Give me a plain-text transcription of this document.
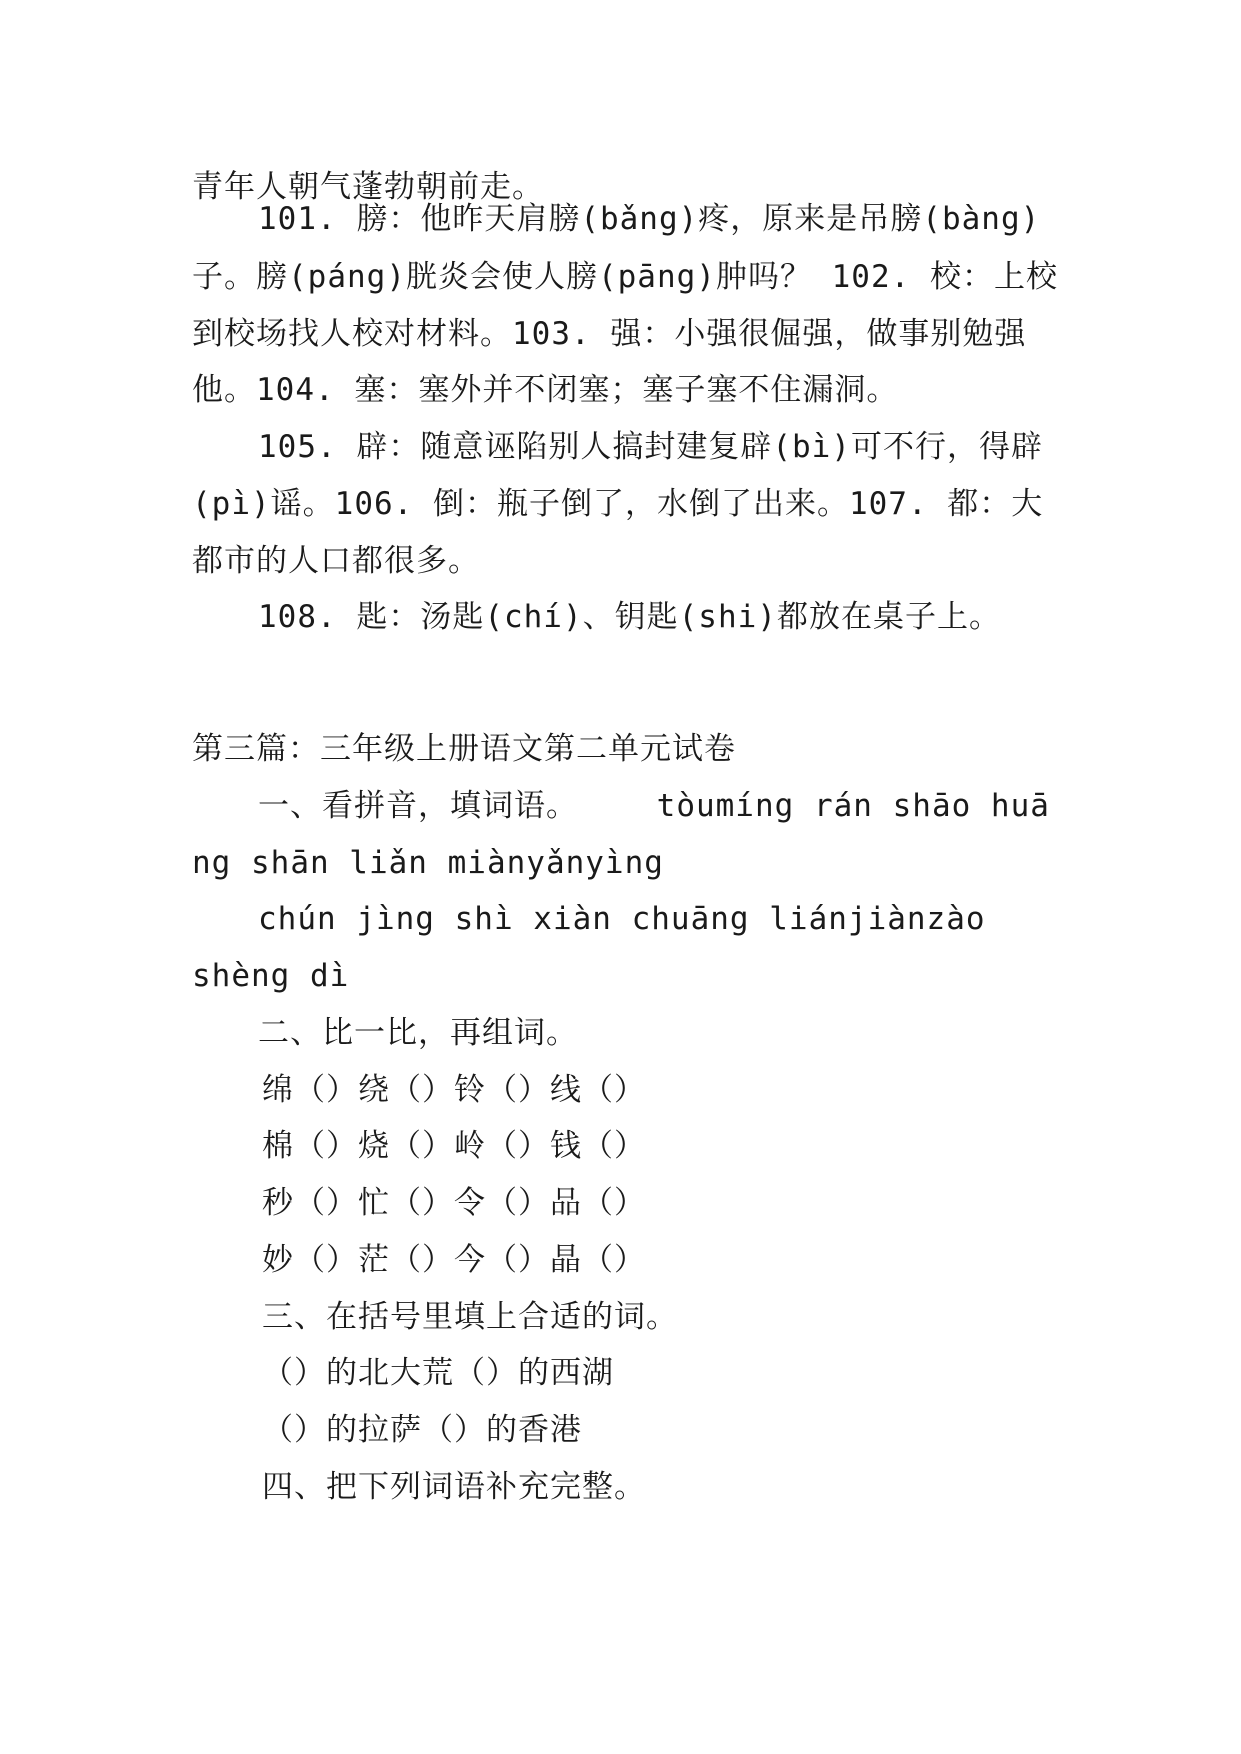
青年人朝气蓬勃朝前走。
101. 膀：他昨天肩膀(bǎng)疼，原来是吊膀(bàng)
子。膀(páng)胱炎会使人膀(pāng)肿吗？ 102. 校：上校
到校场找人校对材料。103. 强：小强很倔强，做事别勉强
他。104. 塞：塞外并不闭塞；塞子塞不住漏洞。
105. 辟：随意诬陷别人搞封建复辟(bì)可不行，得辟
(pì)谣。106. 倒：瓶子倒了，水倒了出来。107. 都：大
都市的人口都很多。
108. 匙：汤匙(chí)、钥匙(shi)都放在桌子上。
第三篇：三年级上册语文第二单元试卷
一、看拼音，填词语。    tòumíng rán shāo huā
ng shān liǎn miànyǎnyìng
chún jìng shì xiàn chuāng liánjiànzào
shèng dì
二、比一比，再组词。
绵（）绕（）铃（）线（）
棉（）烧（）岭（）钱（）
秒（）忙（）令（）品（）
妙（）茫（）今（）晶（）
三、在括号里填上合适的词。
（）的北大荒（）的西湖
（）的拉萨（）的香港
四、把下列词语补充完整。
